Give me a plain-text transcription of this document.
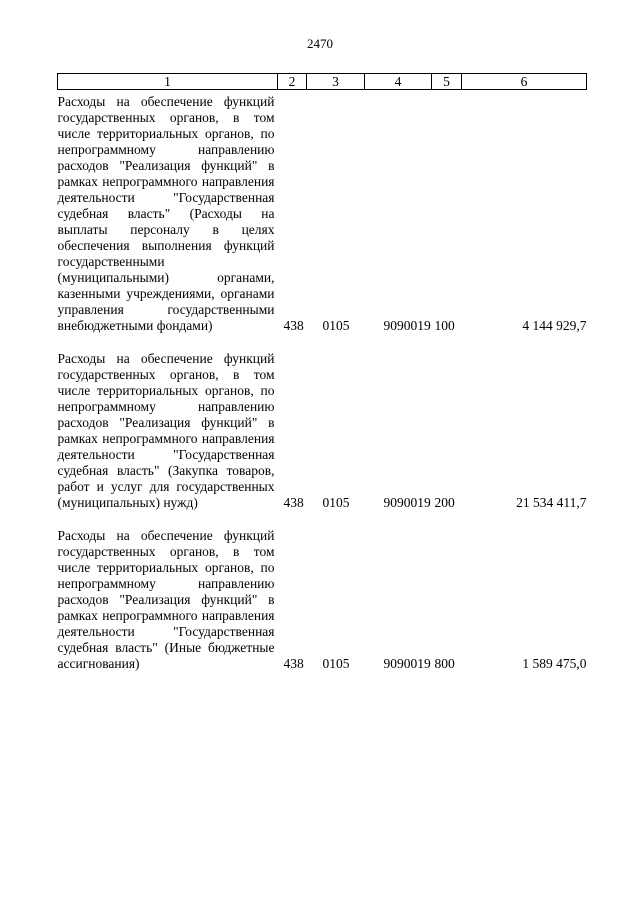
2470
1	2	3	4	5	6
Расходы на обеспечение функций государственных органов, в том числе территориальных органов, по непрограммному направлению расходов "Реализация функций" в рамках непрограммного направления деятельности "Государственная судебная власть" (Расходы на выплаты персоналу в целях обеспечения выполнения функций государственными (муниципальными) органами, казенными учреждениями, органами управления государственными внебюджетными фондами)	438	0105	9090019	100	4 144 929,7

Расходы на обеспечение функций государственных органов, в том числе территориальных органов, по непрограммному направлению расходов "Реализация функций" в рамках непрограммного направления деятельности "Государственная судебная власть" (Закупка товаров, работ и услуг для государственных (муниципальных) нужд)	438	0105	9090019	200	21 534 411,7

Расходы на обеспечение функций государственных органов, в том числе территориальных органов, по непрограммному направлению расходов "Реализация функций" в рамках непрограммного направления деятельности "Государственная судебная власть" (Иные бюджетные ассигнования)	438	0105	9090019	800	1 589 475,0
